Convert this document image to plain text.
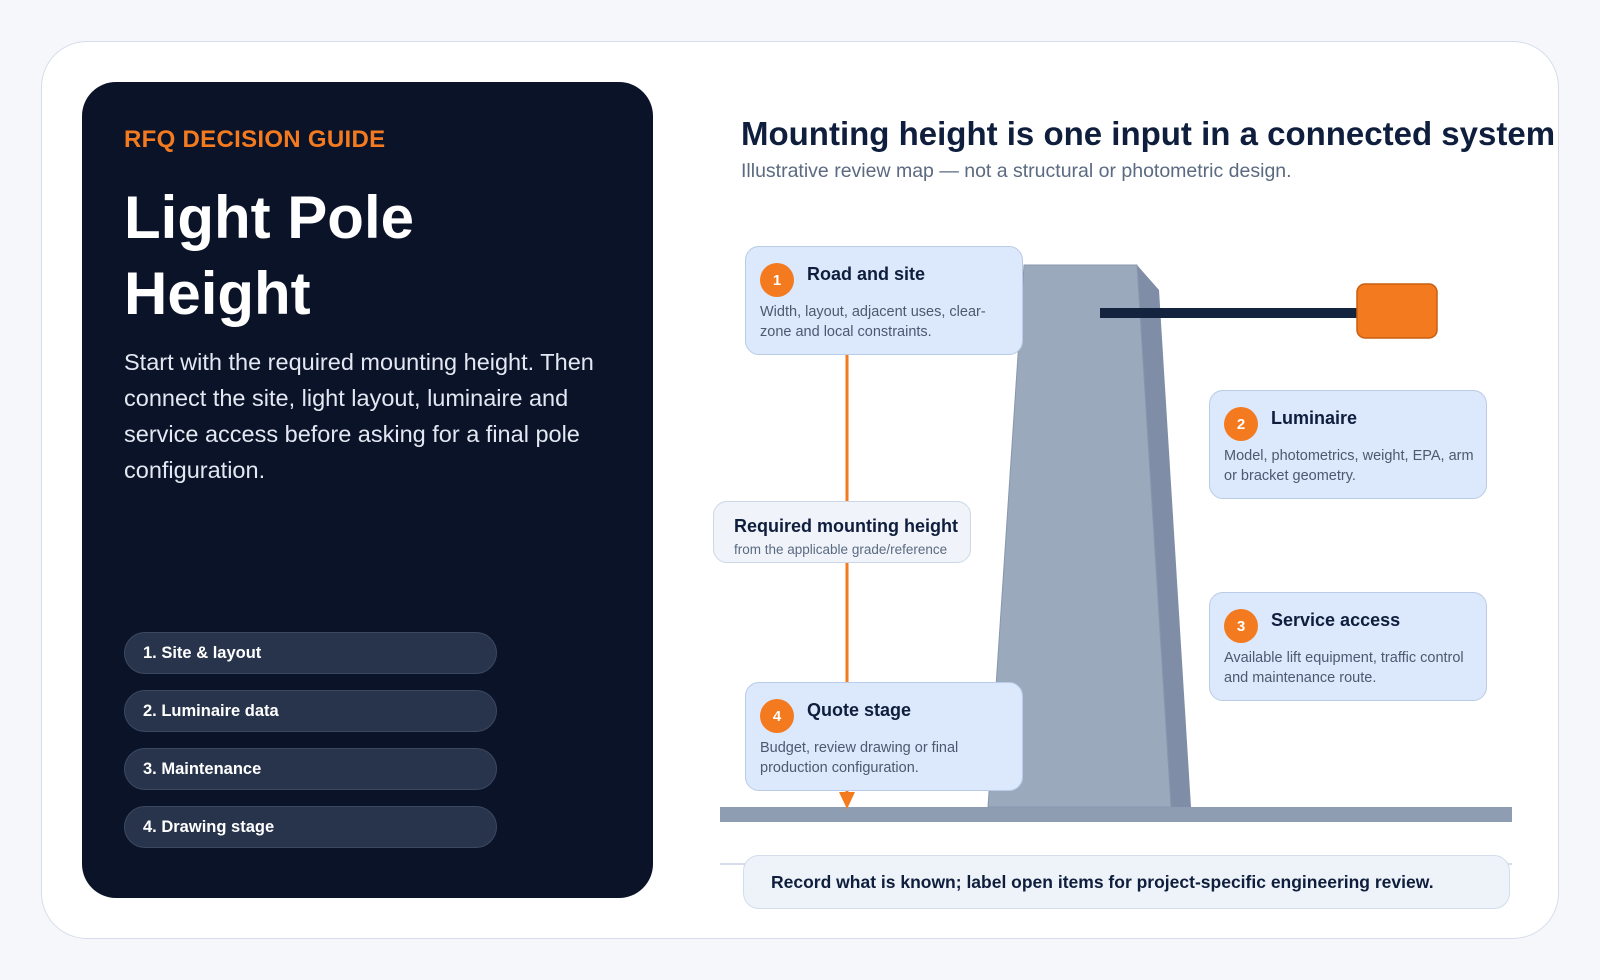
RFQ DECISION GUIDE
Light Pole Height
Start with the required mounting height. Then connect the site, light layout, luminaire and service access before asking for a final pole configuration.
1. Site & layout
2. Luminaire data
3. Maintenance
4. Drawing stage
Mounting height is one input in a connected system
Illustrative review map — not a structural or photometric design.
1	Road and site
Width, layout, adjacent uses, clear-zone and local constraints.
2	Luminaire
Model, photometrics, weight, EPA, arm or bracket geometry.
3	Service access
Available lift equipment, traffic control and maintenance route.
4	Quote stage
Budget, review drawing or final production configuration.
Required mounting height
from the applicable grade/reference
Record what is known; label open items for project-specific engineering review.
